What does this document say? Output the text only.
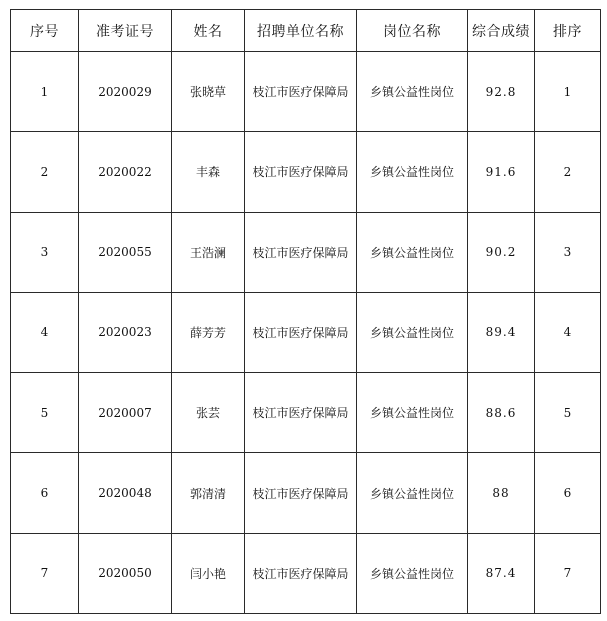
序号	准考证号	姓名	招聘单位名称	岗位名称	综合成绩	排序
1	2020029	张晓草	枝江市医疗保障局	乡镇公益性岗位	92.8	1
2	2020022	丰森	枝江市医疗保障局	乡镇公益性岗位	91.6	2
3	2020055	王浩澜	枝江市医疗保障局	乡镇公益性岗位	90.2	3
4	2020023	薛芳芳	枝江市医疗保障局	乡镇公益性岗位	89.4	4
5	2020007	张芸	枝江市医疗保障局	乡镇公益性岗位	88.6	5
6	2020048	郭清清	枝江市医疗保障局	乡镇公益性岗位	88	6
7	2020050	闫小艳	枝江市医疗保障局	乡镇公益性岗位	87.4	7
